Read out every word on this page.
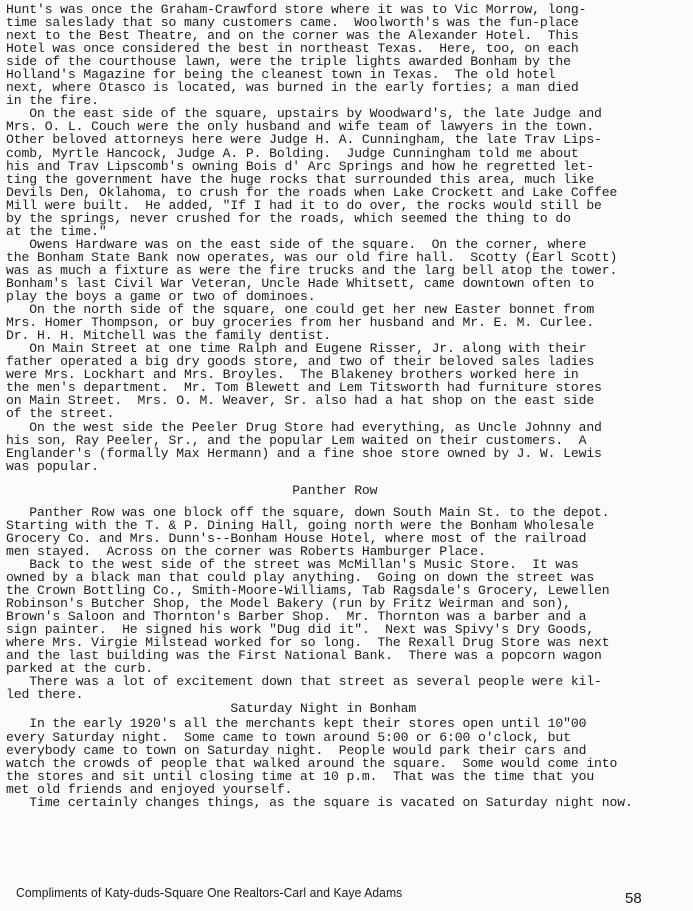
Hunt's was once the Graham-Crawford store where it was to Vic Morrow, long-
time saleslady that so many customers came.  Woolworth's was the fun-place
next to the Best Theatre, and on the corner was the Alexander Hotel.  This
Hotel was once considered the best in northeast Texas.  Here, too, on each
side of the courthouse lawn, were the triple lights awarded Bonham by the
Holland's Magazine for being the cleanest town in Texas.  The old hotel
next, where Otasco is located, was burned in the early forties; a man died
in the fire.
On the east side of the square, upstairs by Woodward's, the late Judge and
Mrs. O. L. Couch were the only husband and wife team of lawyers in the town.
Other beloved attorneys here were Judge H. A. Cunningham, the late Trav Lips-
comb, Myrtle Hancock, Judge A. P. Bolding.  Judge Cunningham told me about
his and Trav Lipscomb's owning Bois d' Arc Springs and how he regretted let-
ting the government have the huge rocks that surrounded this area, much like
Devils Den, Oklahoma, to crush for the roads when Lake Crockett and Lake Coffee
Mill were built.  He added, "If I had it to do over, the rocks would still be
by the springs, never crushed for the roads, which seemed the thing to do
at the time."
Owens Hardware was on the east side of the square.  On the corner, where
the Bonham State Bank now operates, was our old fire hall.  Scotty (Earl Scott)
was as much a fixture as were the fire trucks and the larg bell atop the tower.
Bonham's last Civil War Veteran, Uncle Hade Whitsett, came downtown often to
play the boys a game or two of dominoes.
On the north side of the square, one could get her new Easter bonnet from
Mrs. Homer Thompson, or buy groceries from her husband and Mr. E. M. Curlee.
Dr. H. H. Mitchell was the family dentist.
On Main Street at one time Ralph and Eugene Risser, Jr. along with their
father operated a big dry goods store, and two of their beloved sales ladies
were Mrs. Lockhart and Mrs. Broyles.  The Blakeney brothers worked here in
the men's department.  Mr. Tom Blewett and Lem Titsworth had furniture stores
on Main Street.  Mrs. O. M. Weaver, Sr. also had a hat shop on the east side
of the street.
On the west side the Peeler Drug Store had everything, as Uncle Johnny and
his son, Ray Peeler, Sr., and the popular Lem waited on their customers.  A
Englander's (formally Max Hermann) and a fine shoe store owned by J. W. Lewis
was popular.
Panther Row
Panther Row was one block off the square, down South Main St. to the depot.
Starting with the T. & P. Dining Hall, going north were the Bonham Wholesale
Grocery Co. and Mrs. Dunn's--Bonham House Hotel, where most of the railroad
men stayed.  Across on the corner was Roberts Hamburger Place.
Back to the west side of the street was McMillan's Music Store.  It was
owned by a black man that could play anything.  Going on down the street was
the Crown Bottling Co., Smith-Moore-Williams, Tab Ragsdale's Grocery, Lewellen
Robinson's Butcher Shop, the Model Bakery (run by Fritz Weirman and son),
Brown's Saloon and Thornton's Barber Shop.  Mr. Thornton was a barber and a
sign painter.  He signed his work "Dug did it".  Next was Spivy's Dry Goods,
where Mrs. Virgie Milstead worked for so long.  The Rexall Drug Store was next
and the last building was the First National Bank.  There was a popcorn wagon
parked at the curb.
There was a lot of excitement down that street as several people were kil-
led there.
Saturday Night in Bonham
In the early 1920's all the merchants kept their stores open until 10"00
every Saturday night.  Some came to town around 5:00 or 6:00 o'clock, but
everybody came to town on Saturday night.  People would park their cars and
watch the crowds of people that walked around the square.  Some would come into
the stores and sit until closing time at 10 p.m.  That was the time that you
met old friends and enjoyed yourself.
Time certainly changes things, as the square is vacated on Saturday night now.
Compliments of Katy-duds-Square One Realtors-Carl and Kaye Adams	58
